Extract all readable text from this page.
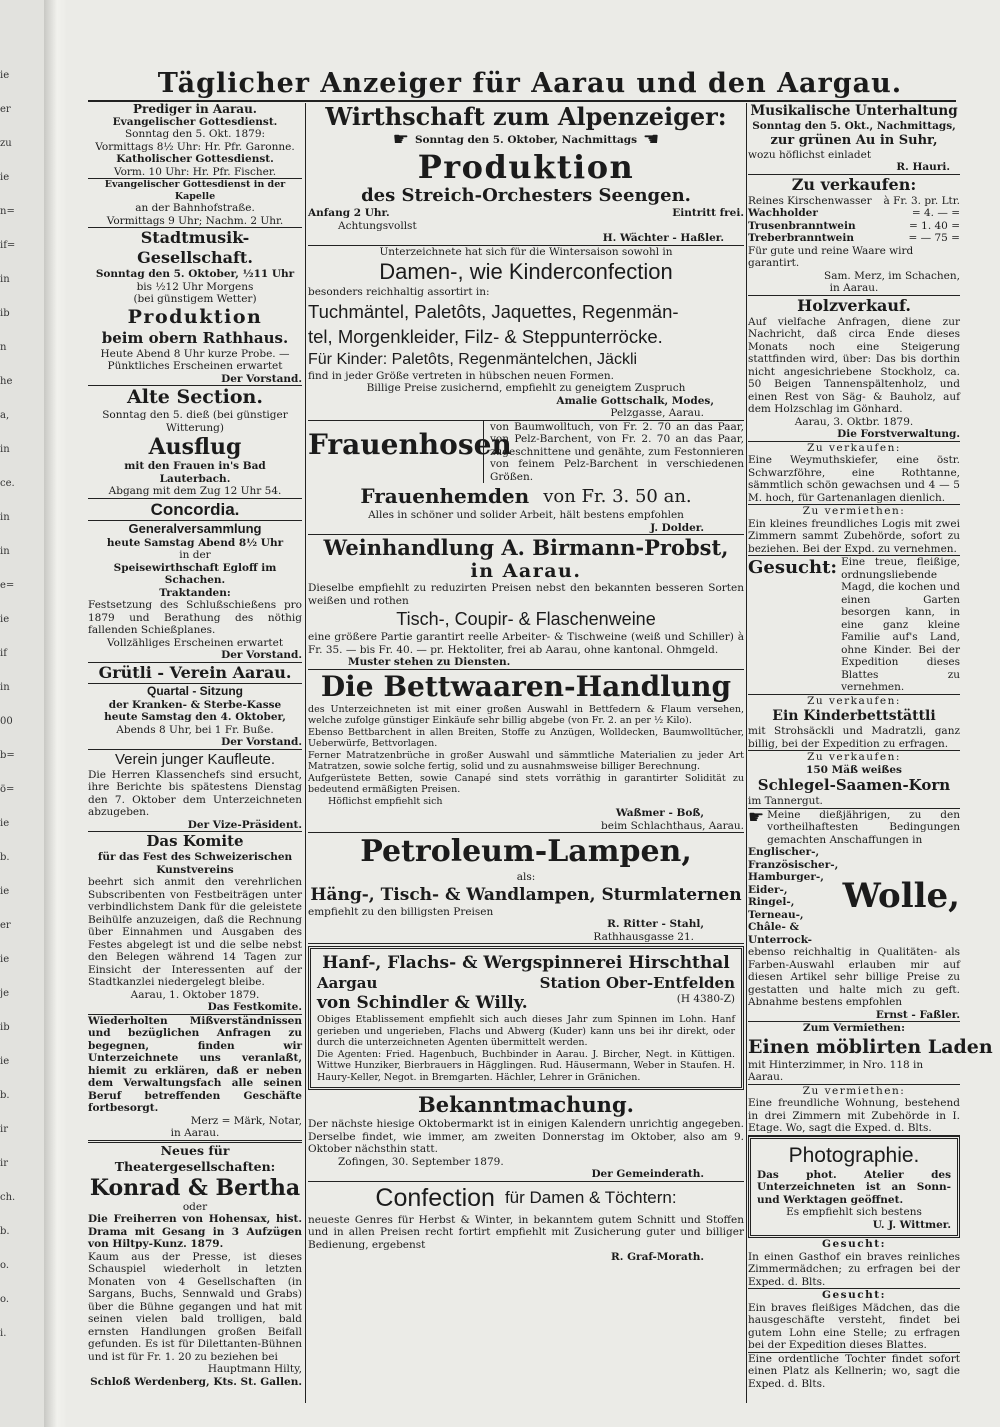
ie
er
zu
ie
n=
if=
in
ib
n
he
a,
in
ce.
in
in
e=
ie
if
in
00
b=
ö=
ie
b.
ie
er
ie
je
ib
ie
b.
ir
ir
ch.
b.
o.
o.
i.
Täglicher Anzeiger für Aarau und den Aargau.
Prediger in Aarau.
Evangelischer Gottesdienst.
Sonntag den 5. Okt. 1879:
Vormittags 8½ Uhr: Hr. Pfr. Garonne.
Katholischer Gottesdienst.
Vorm. 10 Uhr: Hr. Pfr. Fischer.
Evangelischer Gottesdienst in der Kapelle
an der Bahnhofstraße.
Vormittags 9 Uhr; Nachm. 2 Uhr.
Stadtmusik-Gesellschaft.
Sonntag den 5. Oktober, ½11 Uhr
bis ½12 Uhr Morgens
(bei günstigem Wetter)
Produktion
beim obern Rathhaus.
Heute Abend 8 Uhr kurze Probe. —
Pünktliches Erscheinen erwartet
Der Vorstand.
Alte Section.
Sonntag den 5. dieß (bei günstiger
Witterung)
Ausflug
mit den Frauen in's Bad Lauterbach.
Abgang mit dem Zug 12 Uhr 54.
Concordia.
Generalversammlung
heute Samstag Abend 8½ Uhr
in der
Speisewirthschaft Egloff im Schachen.
Traktanden:
Festsetzung des Schlußschießens pro 1879 und Berathung des nöthig fallenden Schießplanes.
Vollzähliges Erscheinen erwartet
Der Vorstand.
Grütli - Verein Aarau.
Quartal - Sitzung
der Kranken- & Sterbe-Kasse
heute Samstag den 4. Oktober,
Abends 8 Uhr, bei 1 Fr. Buße.
Der Vorstand.
Verein junger Kaufleute.
Die Herren Klassenchefs sind ersucht, ihre Berichte bis spätestens Dienstag den 7. Oktober dem Unterzeichneten abzugeben.
Der Vize-Präsident.
Das Komite
für das Fest des Schweizerischen
Kunstvereins
beehrt sich anmit den verehrlichen Subscribenten von Festbeiträgen unter verbindlichstem Dank für die geleistete Beihülfe anzuzeigen, daß die Rechnung über Einnahmen und Ausgaben des Festes abgelegt ist und die selbe nebst den Belegen während 14 Tagen zur Einsicht der Interessenten auf der Stadtkanzlei niedergelegt bleibe.
Aarau, 1. Oktober 1879.
Das Festkomite.
Wiederholten Mißverständnissen und bezüglichen Anfragen zu begegnen, finden wir Unterzeichnete uns veranlaßt, hiemit zu erklären, daß er neben dem Verwaltungsfach alle seinen Beruf betreffenden Geschäfte fortbesorgt.
Merz = Märk, Notar,
in Aarau.
Neues für Theatergesellschaften:
Konrad & Bertha
oder
Die Freiherren von Hohensax, hist. Drama mit Gesang in 3 Aufzügen von Hiltpy-Kunz. 1879.
Kaum aus der Presse, ist dieses Schauspiel wiederholt in letzten Monaten von 4 Gesellschaften (in Sargans, Buchs, Sennwald und Grabs) über die Bühne gegangen und hat mit seinen vielen bald trolligen, bald ernsten Handlungen großen Beifall gefunden. Es ist für Dilettanten-Bühnen und ist für Fr. 1. 20 zu beziehen bei
Hauptmann Hilty,
Schloß Werdenberg, Kts. St. Gallen.
Wirthschaft zum Alpenzeiger:
☛ Sonntag den 5. Oktober, Nachmittags ☚
Produktion
des Streich-Orchesters Seengen.
Anfang 2 Uhr.	Eintritt frei.
Achtungsvollst
H. Wächter - Haßler.
Unterzeichnete hat sich für die Wintersaison sowohl in
Damen-, wie Kinderconfection
besonders reichhaltig assortirt in:
Tuchmäntel, Paletôts, Jaquettes, Regenmän-
tel, Morgenkleider, Filz- & Steppunterröcke.
Für Kinder: Paletôts, Regenmäntelchen, Jäckli
find in jeder Größe vertreten in hübschen neuen Formen.
Billige Preise zusichernd, empfiehlt zu geneigtem Zuspruch
Amalie Gottschalk, Modes,
Pelzgasse, Aarau.
Frauenhosen
von Baumwolltuch, von Fr. 2. 70 an das Paar, von Pelz-Barchent, von Fr. 2. 70 an das Paar, zugeschnittene und genähte, zum Festonnieren von feinem Pelz-Barchent in verschiedenen Größen.
Frauenhemden von Fr. 3. 50 an.
Alles in schöner und solider Arbeit, hält bestens empfohlen
J. Dolder.
Weinhandlung A. Birmann-Probst,
in Aarau.
Dieselbe empfiehlt zu reduzirten Preisen nebst den bekannten besseren Sorten weißen und rothen
Tisch-, Coupir- & Flaschenweine
eine größere Partie garantirt reelle Arbeiter- & Tischweine (weiß und Schiller) à Fr. 35. — bis Fr. 40. — pr. Hektoliter, frei ab Aarau, ohne kantonal. Ohmgeld.
Muster stehen zu Diensten.
Die Bettwaaren-Handlung
des Unterzeichneten ist mit einer großen Auswahl in Bettfedern & Flaum versehen, welche zufolge günstiger Einkäufe sehr billig abgebe (von Fr. 2. an per ½ Kilo).
Ebenso Bettbarchent in allen Breiten, Stoffe zu Anzügen, Wolldecken, Baumwolltücher, Ueberwürfe, Bettvorlagen.
Ferner Matratzenbrüche in großer Auswahl und sämmtliche Materialien zu jeder Art Matratzen, sowie solche fertig, solid und zu ausnahmsweise billiger Berechnung.
Aufgerüstete Betten, sowie Canapé sind stets vorräthig in garantirter Solidität zu bedeutend ermäßigten Preisen.
Höflichst empfiehlt sich
Waßmer - Boß,
beim Schlachthaus, Aarau.
Petroleum-Lampen,
als:
Häng-, Tisch- & Wandlampen, Sturmlaternen
empfiehlt zu den billigsten Preisen
R. Ritter - Stahl,
Rathhausgasse 21.
Hanf-, Flachs- & Wergspinnerei Hirschthal
Aargau	Station Ober-Entfelden
von Schindler & Willy.	(H 4380-Z)
Obiges Etablissement empfiehlt sich auch dieses Jahr zum Spinnen im Lohn. Hanf gerieben und ungerieben, Flachs und Abwerg (Kuder) kann uns bei ihr direkt, oder durch die unterzeichneten Agenten übermittelt werden.
Die Agenten: Fried. Hagenbuch, Buchbinder in Aarau. J. Bircher, Negt. in Küttigen. Wittwe Hunziker, Bierbrauers in Hägglingen. Rud. Häusermann, Weber in Staufen. H. Haury-Keller, Negot. in Bremgarten. Hächler, Lehrer in Gränichen.
Bekanntmachung.
Der nächste hiesige Oktobermarkt ist in einigen Kalendern unrichtig angegeben. Derselbe findet, wie immer, am zweiten Donnerstag im Oktober, also am 9. Oktober nächsthin statt.
Zofingen, 30. September 1879.
Der Gemeinderath.
Confection für Damen & Töchtern:
neueste Genres für Herbst & Winter, in bekanntem gutem Schnitt und Stoffen und in allen Preisen recht fortirt empfiehlt mit Zusicherung guter und billiger Bedienung, ergebenst
R. Graf-Morath.
Musikalische Unterhaltung
Sonntag den 5. Okt., Nachmittags,
zur grünen Au in Suhr,
wozu höflichst einladet
R. Hauri.
Zu verkaufen:
Reines Kirschenwasser à Fr. 3. pr. Ltr.
Wachholder	= 4. — =
Trusenbranntwein	= 1. 40 =
Treberbranntwein	= — 75 =
Für gute und reine Waare wird garantirt.
Sam. Merz, im Schachen,
in Aarau.
Holzverkauf.
Auf vielfache Anfragen, diene zur Nachricht, daß circa Ende dieses Monats noch eine Steigerung stattfinden wird, über: Das bis dorthin nicht angesichriebene Stockholz, ca. 50 Beigen Tannenspältenholz, und einen Rest von Säg- & Bauholz, auf dem Holzschlag im Gönhard.
Aarau, 3. Oktbr. 1879.
Die Forstverwaltung.
Zu verkaufen:
Eine Weymuthskiefer, eine östr. Schwarzföhre, eine Rothtanne, sämmtlich schön gewachsen und 4 — 5 M. hoch, für Gartenanlagen dienlich.
Zu vermiethen:
Ein kleines freundliches Logis mit zwei Zimmern sammt Zubehörde, sofort zu beziehen. Bei der Expd. zu vernehmen.
Gesucht: Eine treue, fleißige, ordnungsliebende Magd, die kochen und einen Garten besorgen kann, in eine ganz kleine Familie auf's Land, ohne Kinder. Bei der Expedition dieses Blattes zu vernehmen.
Zu verkaufen:
Ein Kinderbettstättli
mit Strohsäckli und Madratzli, ganz billig, bei der Expedition zu erfragen.
Zu verkaufen:
150 Mäß weißes
Schlegel-Saamen-Korn
im Tannergut.
☛ Meine dießjährigen, zu den vortheilhaftesten Bedingungen gemachten Anschaffungen in
Englischer-,
Französischer-,
Hamburger-,
Eider-,
Ringel-,
Terneau-,
Châle- &
Unterrock-
Wolle,
ebenso reichhaltig in Qualitäten- als Farben-Auswahl erlauben mir auf diesen Artikel sehr billige Preise zu gestatten und halte mich zu geft. Abnahme bestens empfohlen
Ernst - Faßler.
Zum Vermiethen:
Einen möblirten Laden
mit Hinterzimmer, in Nro. 118 in Aarau.
Zu vermiethen:
Eine freundliche Wohnung, bestehend in drei Zimmern mit Zubehörde in I. Etage. Wo, sagt die Exped. d. Blts.
Photographie.
Das phot. Atelier des Unterzeichneten ist an Sonn- und Werktagen geöffnet.
Es empfiehlt sich bestens
U. J. Wittmer.
Gesucht:
In einen Gasthof ein braves reinliches Zimmermädchen; zu erfragen bei der Exped. d. Blts.
Gesucht:
Ein braves fleißiges Mädchen, das die hausgeschäfte versteht, findet bei gutem Lohn eine Stelle; zu erfragen bei der Expedition dieses Blattes.
Eine ordentliche Tochter findet sofort einen Platz als Kellnerin; wo, sagt die Exped. d. Blts.
